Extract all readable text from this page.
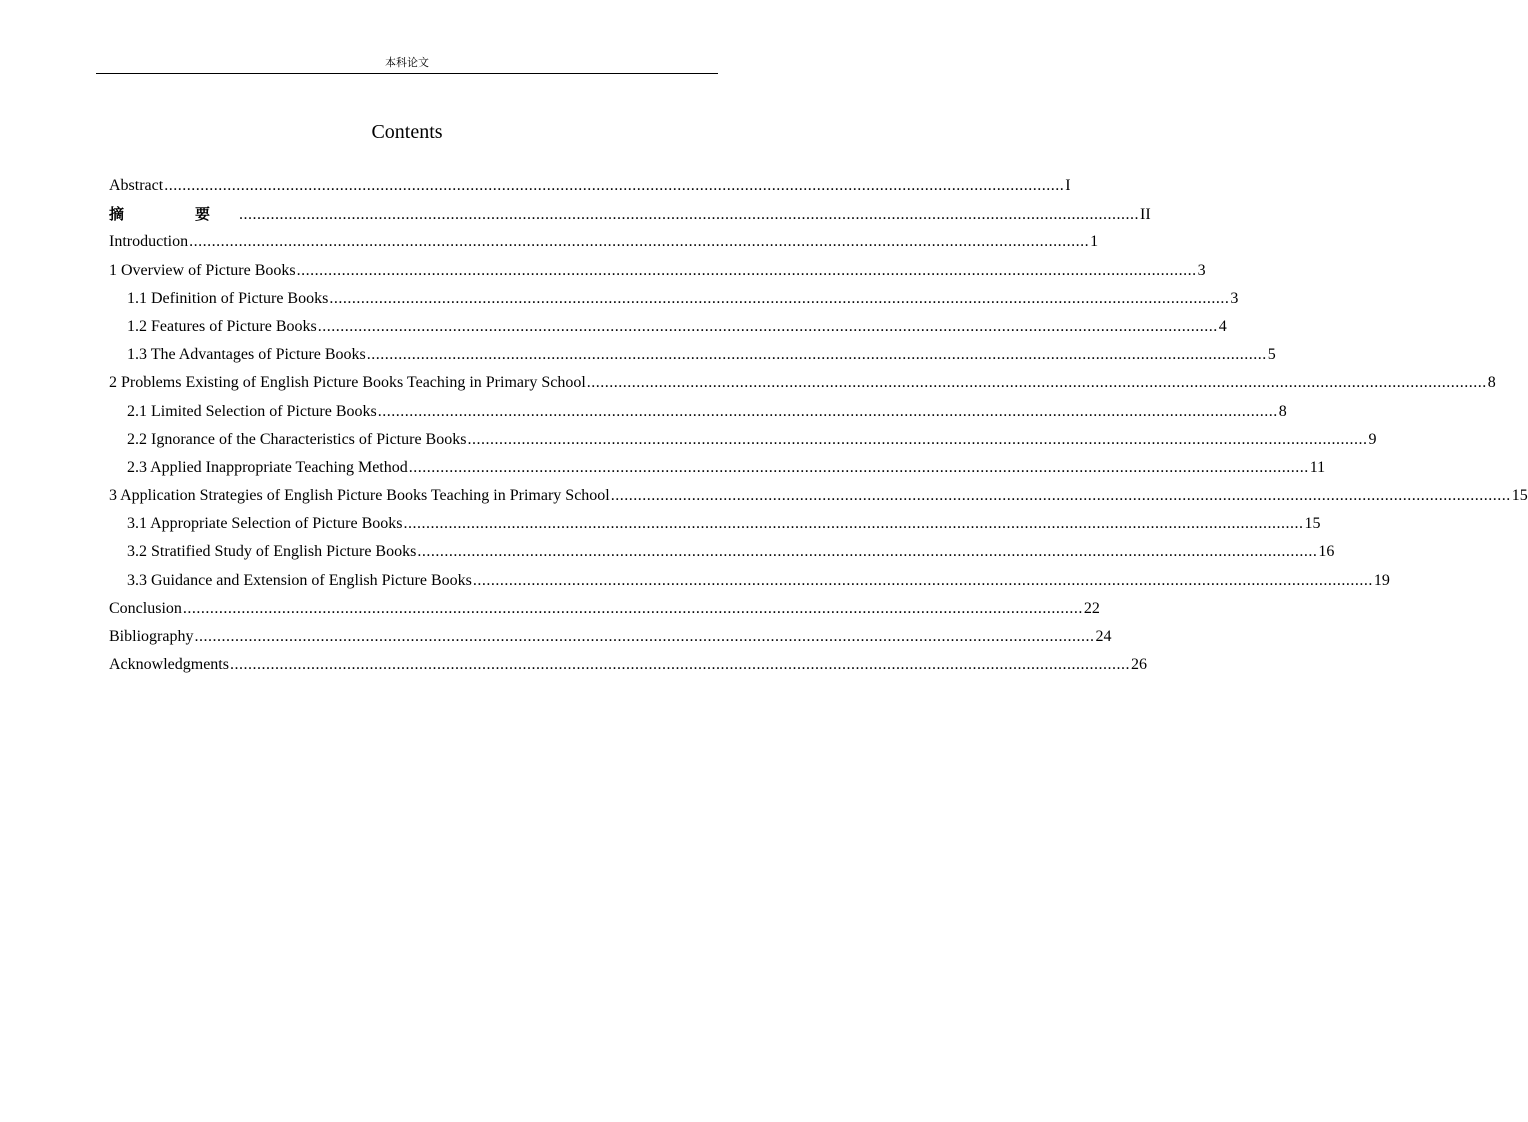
本科论文
Contents
Abstract ........................................................................................................................................................................................................ I
摘　要 ........................................................................................................................................................................................................ II
Introduction ........................................................................................................................................................................................................ 1
1 Overview of Picture Books ........................................................................................................................................................................................................ 3
1.1 Definition of Picture Books ........................................................................................................................................................................................................ 3
1.2 Features of Picture Books ........................................................................................................................................................................................................ 4
1.3 The Advantages of Picture Books ........................................................................................................................................................................................................ 5
2 Problems Existing of English Picture Books Teaching in Primary School ........................................................................................................................................................................................................ 8
2.1 Limited Selection of Picture Books ........................................................................................................................................................................................................ 8
2.2 Ignorance of the Characteristics of Picture Books ........................................................................................................................................................................................................ 9
2.3 Applied Inappropriate Teaching Method ........................................................................................................................................................................................................ 11
3 Application Strategies of English Picture Books Teaching in Primary School ........................................................................................................................................................................................................ 15
3.1 Appropriate Selection of Picture Books ........................................................................................................................................................................................................ 15
3.2 Stratified Study of English Picture Books ........................................................................................................................................................................................................ 16
3.3 Guidance and Extension of English Picture Books ........................................................................................................................................................................................................ 19
Conclusion ........................................................................................................................................................................................................ 22
Bibliography ........................................................................................................................................................................................................ 24
Acknowledgments ........................................................................................................................................................................................................ 26
